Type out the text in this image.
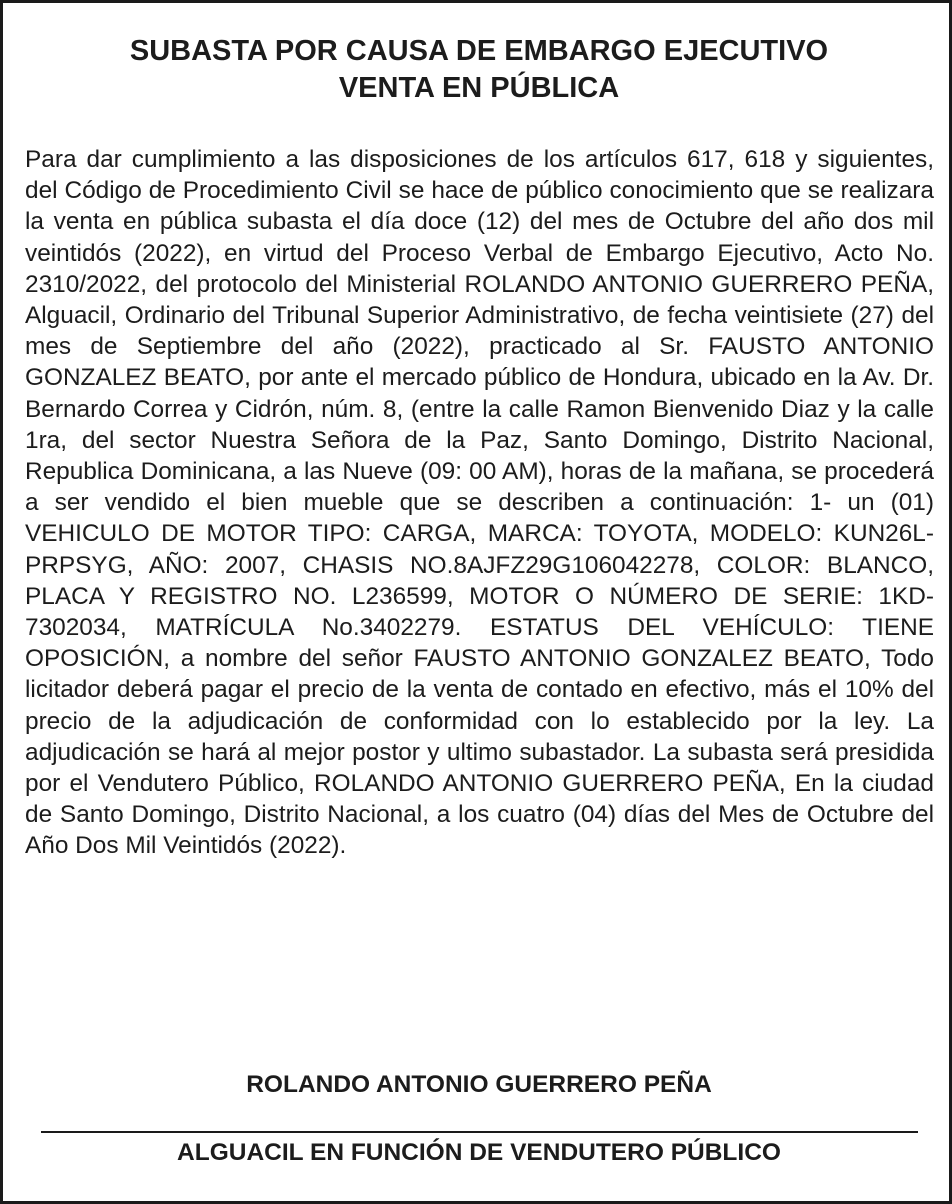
SUBASTA POR CAUSA DE EMBARGO EJECUTIVO
VENTA EN PÚBLICA

Para dar cumplimiento a las disposiciones de los artículos 617, 618 y siguientes, del Código de Procedimiento Civil se hace de público conocimiento que se realizara la venta en pública subasta el día doce (12) del mes de Octubre del año dos mil veintidós (2022), en virtud del Proceso Verbal de Embargo Ejecutivo, Acto No. 2310/2022, del protocolo del Ministerial ROLANDO ANTONIO GUERRERO PEÑA, Alguacil, Ordinario del Tribunal Superior Administrativo, de fecha veintisiete (27) del mes de Septiembre del año (2022), practicado al Sr. FAUSTO ANTONIO GONZALEZ BEATO, por ante el mercado público de Hondura, ubicado en la Av. Dr. Bernardo Correa y Cidrón, núm. 8, (entre la calle Ramon Bienvenido Diaz y la calle 1ra, del sector Nuestra Señora de la Paz, Santo Domingo, Distrito Nacional, Republica Dominicana, a las Nueve (09: 00 AM), horas de la mañana, se procederá a ser vendido el bien mueble que se describen a continuación: 1- un (01) VEHICULO DE MOTOR TIPO: CARGA, MARCA: TOYOTA, MODELO: KUN26L-PRPSYG, AÑO: 2007, CHASIS NO.8AJFZ29G106042278, COLOR: BLANCO, PLACA Y REGISTRO NO. L236599, MOTOR O NÚMERO DE SERIE: 1KD-7302034, MATRÍCULA No.3402279. ESTATUS DEL VEHÍCULO: TIENE OPOSICIÓN, a nombre del señor FAUSTO ANTONIO GONZALEZ BEATO, Todo licitador deberá pagar el precio de la venta de contado en efectivo, más el 10% del precio de la adjudicación de conformidad con lo establecido por la ley. La adjudicación se hará al mejor postor y ultimo subastador. La subasta será presidida por el Vendutero Público, ROLANDO ANTONIO GUERRERO PEÑA, En la ciudad de Santo Domingo, Distrito Nacional, a los cuatro (04) días del Mes de Octubre del Año Dos Mil Veintidós (2022).

ROLANDO ANTONIO GUERRERO PEÑA

ALGUACIL EN FUNCIÓN DE VENDUTERO PÚBLICO
